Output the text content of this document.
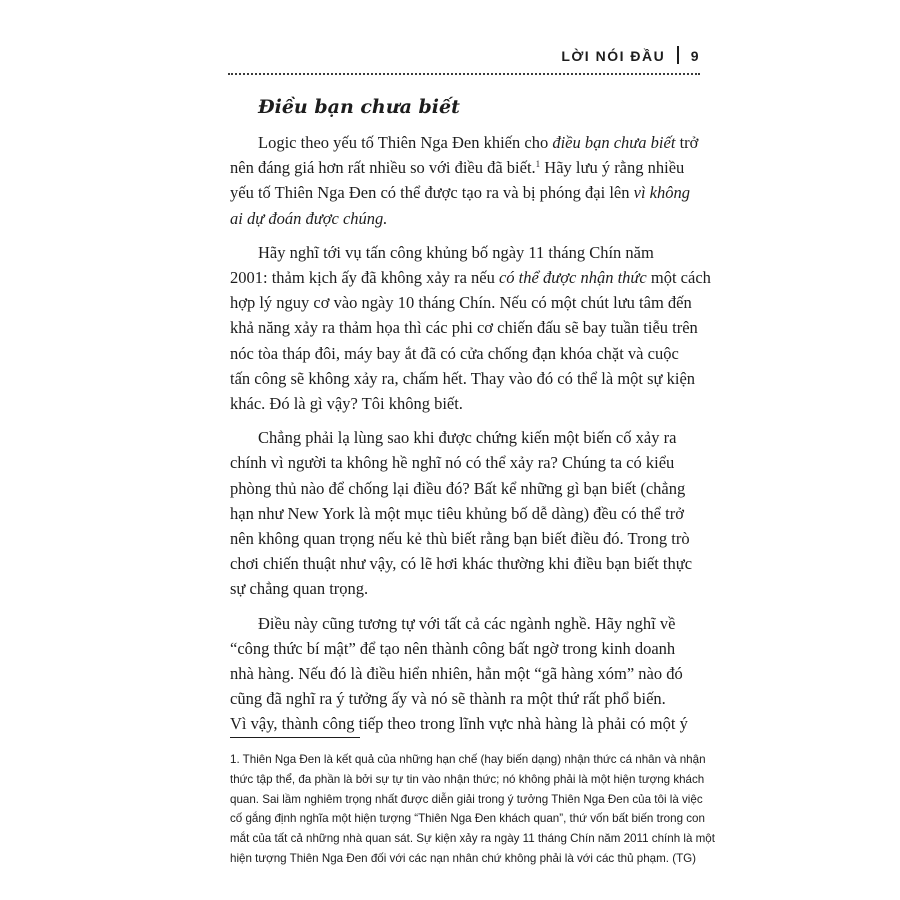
LỜI NÓI ĐẦU 9
Điều bạn chưa biết
Logic theo yếu tố Thiên Nga Đen khiến cho điều bạn chưa biết trở
nên đáng giá hơn rất nhiều so với điều đã biết.$^1$ Hãy lưu ý rằng nhiều
yếu tố Thiên Nga Đen có thể được tạo ra và bị phóng đại lên vì không
ai dự đoán được chúng.
Hãy nghĩ tới vụ tấn công khủng bố ngày 11 tháng Chín năm
2001: thảm kịch ấy đã không xảy ra nếu có thể được nhận thức một cách
hợp lý nguy cơ vào ngày 10 tháng Chín. Nếu có một chút lưu tâm đến
khả năng xảy ra thảm họa thì các phi cơ chiến đấu sẽ bay tuần tiễu trên
nóc tòa tháp đôi, máy bay ắt đã có cửa chống đạn khóa chặt và cuộc
tấn công sẽ không xảy ra, chấm hết. Thay vào đó có thể là một sự kiện
khác. Đó là gì vậy? Tôi không biết.
Chẳng phải lạ lùng sao khi được chứng kiến một biến cố xảy ra
chính vì người ta không hề nghĩ nó có thể xảy ra? Chúng ta có kiểu
phòng thủ nào để chống lại điều đó? Bất kể những gì bạn biết (chẳng
hạn như New York là một mục tiêu khủng bố dễ dàng) đều có thể trở
nên không quan trọng nếu kẻ thù biết rằng bạn biết điều đó. Trong trò
chơi chiến thuật như vậy, có lẽ hơi khác thường khi điều bạn biết thực
sự chẳng quan trọng.
Điều này cũng tương tự với tất cả các ngành nghề. Hãy nghĩ về
“công thức bí mật” để tạo nên thành công bất ngờ trong kinh doanh
nhà hàng. Nếu đó là điều hiển nhiên, hẳn một “gã hàng xóm” nào đó
cũng đã nghĩ ra ý tưởng ấy và nó sẽ thành ra một thứ rất phổ biến.
Vì vậy, thành công tiếp theo trong lĩnh vực nhà hàng là phải có một ý
1. Thiên Nga Đen là kết quả của những hạn chế (hay biến dạng) nhận thức cá nhân và nhận
thức tập thể, đa phần là bởi sự tự tin vào nhận thức; nó không phải là một hiện tượng khách
quan. Sai lầm nghiêm trọng nhất được diễn giải trong ý tưởng Thiên Nga Đen của tôi là việc
cố gắng định nghĩa một hiện tượng “Thiên Nga Đen khách quan”, thứ vốn bất biến trong con
mắt của tất cả những nhà quan sát. Sự kiện xảy ra ngày 11 tháng Chín năm 2011 chính là một
hiện tượng Thiên Nga Đen đối với các nạn nhân chứ không phải là với các thủ phạm. (TG)
